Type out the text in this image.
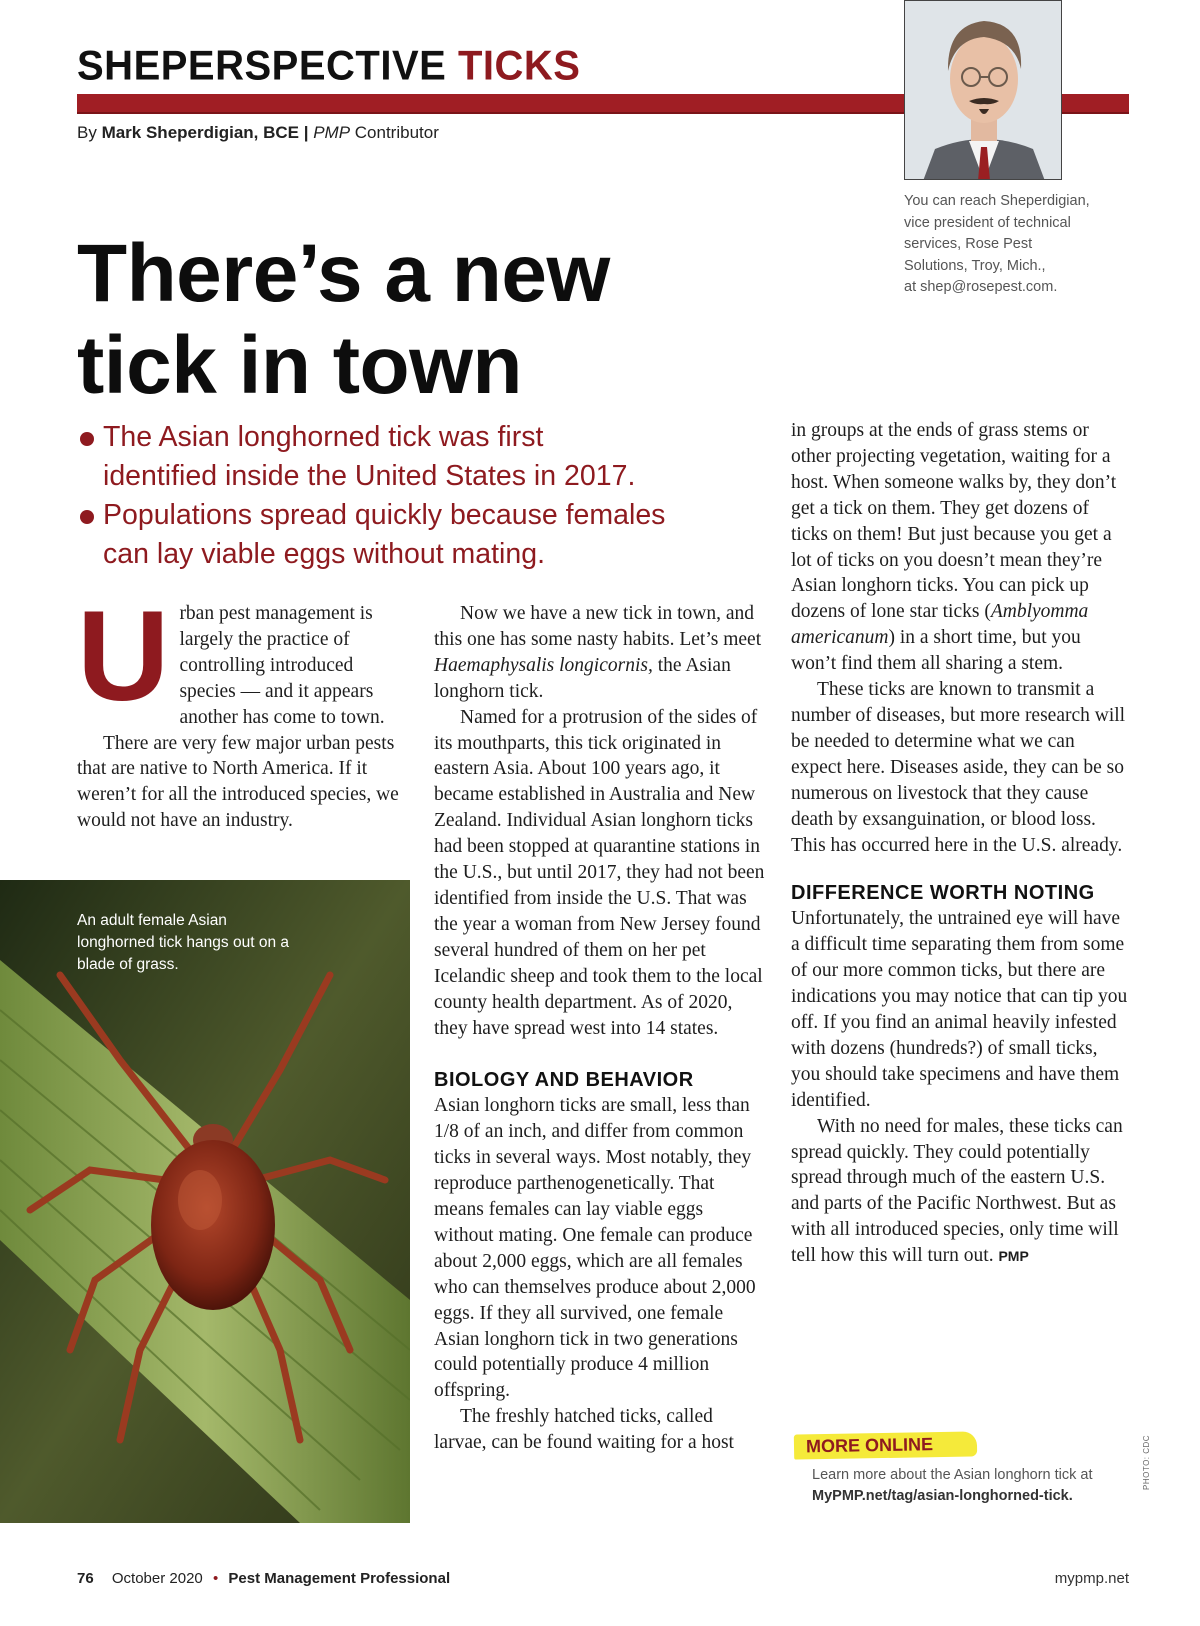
SHEPERSPECTIVE TICKS
By Mark Sheperdigian, BCE | PMP Contributor
You can reach Sheperdigian,
vice president of technical
services, Rose Pest
Solutions, Troy, Mich.,
at shep@rosepest.com.
There’s a new
tick in town
The Asian longhorned tick was first
identified inside the United States in 2017.
Populations spread quickly because females
can lay viable eggs without mating.
U rban pest management is largely the practice of controlling introduced species — and it appears another has come to town.

There are very few major urban pests that are native to North America. If it weren’t for all the introduced species, we would not have an industry.

An adult female Asian longhorned tick hangs out on a blade of grass.

Now we have a new tick in town, and this one has some nasty habits. Let’s meet Haemaphysalis longicornis, the Asian longhorn tick.

Named for a protrusion of the sides of its mouthparts, this tick originated in eastern Asia. About 100 years ago, it became established in Australia and New Zealand. Individual Asian longhorn ticks had been stopped at quarantine stations in the U.S., but until 2017, they had not been identified from inside the U.S. That was the year a woman from New Jersey found several hundred of them on her pet Icelandic sheep and took them to the local county health department. As of 2020, they have spread west into 14 states.

BIOLOGY AND BEHAVIOR

Asian longhorn ticks are small, less than 1/8 of an inch, and differ from common ticks in several ways. Most notably, they reproduce parthenogenetically. That means females can lay viable eggs without mating. One female can produce about 2,000 eggs, which are all females who can themselves produce about 2,000 eggs. If they all survived, one female Asian longhorn tick in two generations could potentially produce 4 million offspring.

The freshly hatched ticks, called larvae, can be found waiting for a host

in groups at the ends of grass stems or other projecting vegetation, waiting for a host. When someone walks by, they don’t get a tick on them. They get dozens of ticks on them! But just because you get a lot of ticks on you doesn’t mean they’re Asian longhorn ticks. You can pick up dozens of lone star ticks (Amblyomma americanum) in a short time, but you won’t find them all sharing a stem.

These ticks are known to transmit a number of diseases, but more research will be needed to determine what we can expect here. Diseases aside, they can be so numerous on livestock that they cause death by exsanguination, or blood loss. This has occurred here in the U.S. already.

DIFFERENCE WORTH NOTING

Unfortunately, the untrained eye will have a difficult time separating them from some of our more common ticks, but there are indications you may notice that can tip you off. If you find an animal heavily infested with dozens (hundreds?) of small ticks, you should take specimens and have them identified.

With no need for males, these ticks can spread quickly. They could potentially spread through much of the eastern U.S. and parts of the Pacific Northwest. But as with all introduced species, only time will tell how this will turn out. PMP

MORE ONLINE
Learn more about the Asian longhorn tick at
MyPMP.net/tag/asian-longhorned-tick.
PHOTO: CDC
76 October 2020 • Pest Management Professional	mypmp.net
